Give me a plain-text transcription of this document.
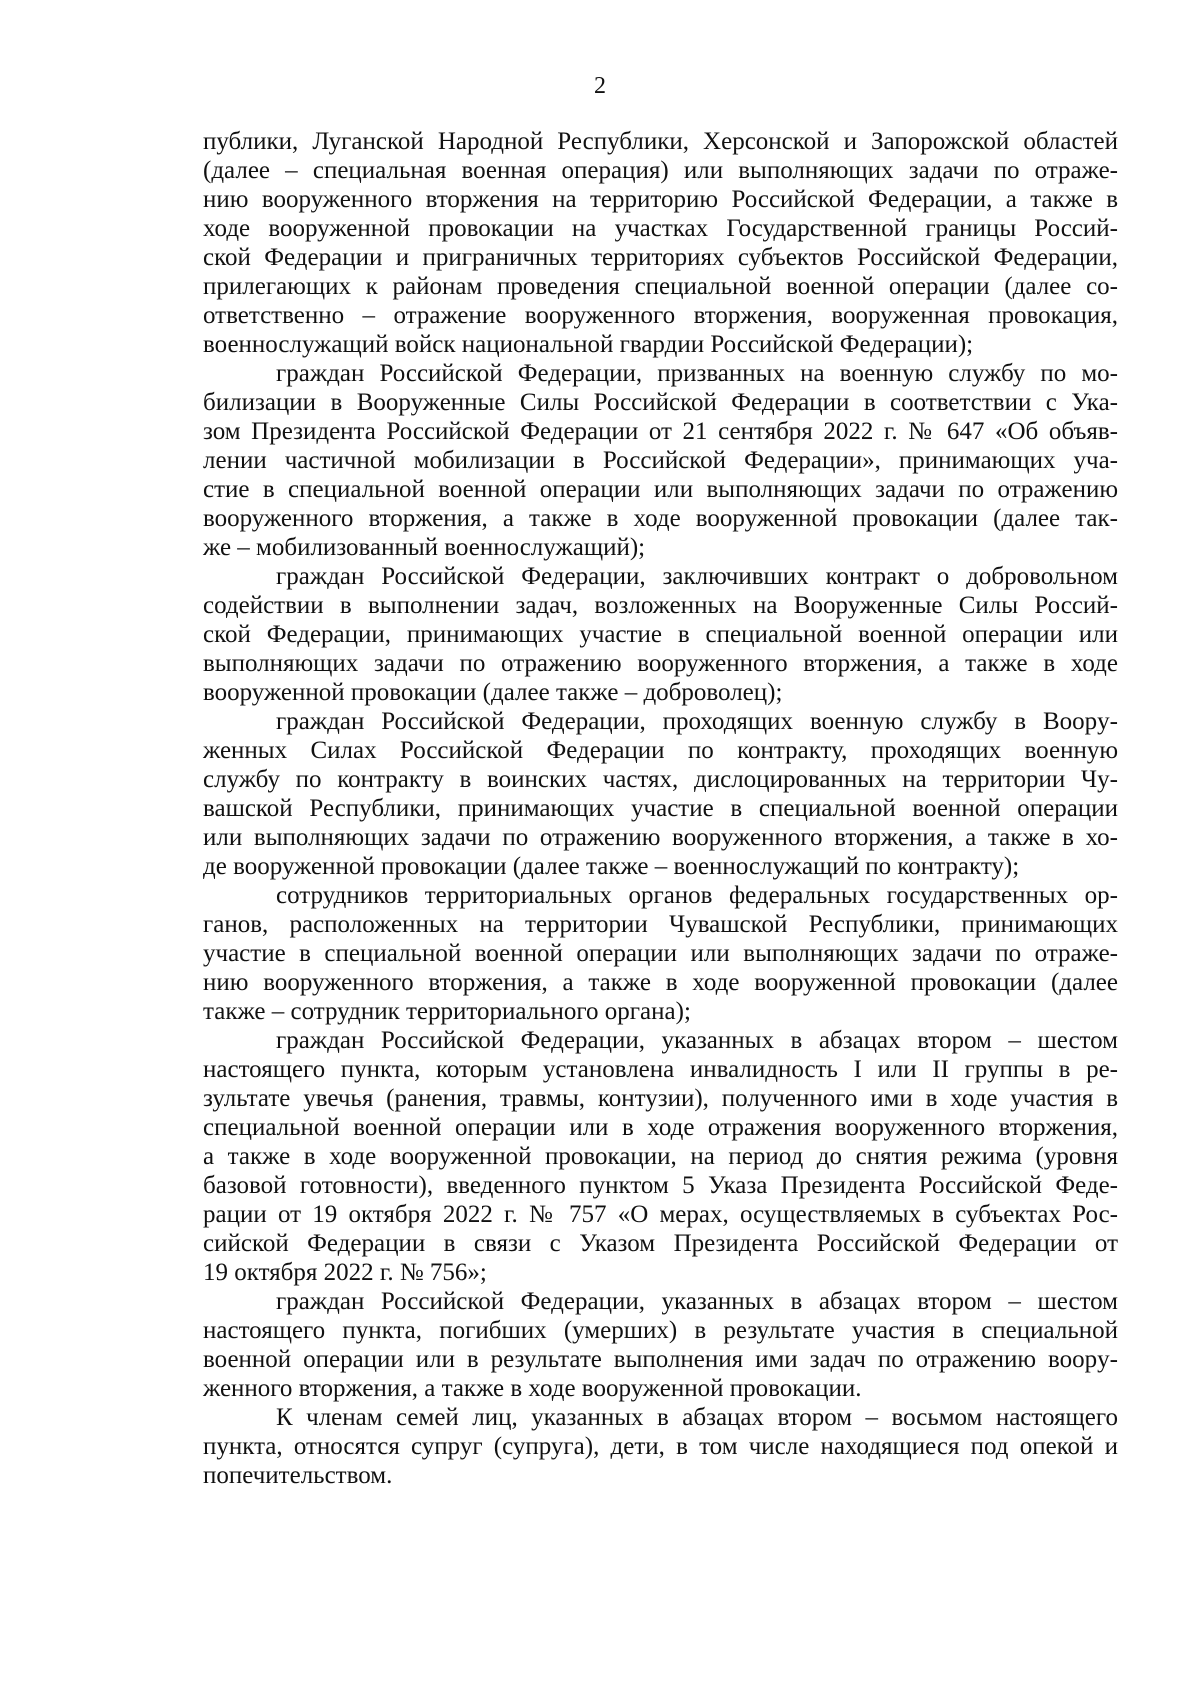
2
публики, Луганской Народной Республики, Херсонской и Запорожской областей
(далее – специальная военная операция) или выполняющих задачи по отраже-
нию вооруженного вторжения на территорию Российской Федерации, а также в
ходе вооруженной провокации на участках Государственной границы Россий-
ской Федерации и приграничных территориях субъектов Российской Федерации,
прилегающих к районам проведения специальной военной операции (далее со-
ответственно – отражение вооруженного вторжения, вооруженная провокация,
военнослужащий войск национальной гвардии Российской Федерации);
граждан Российской Федерации, призванных на военную службу по мо-
билизации в Вооруженные Силы Российской Федерации в соответствии с Ука-
зом Президента Российской Федерации от 21 сентября 2022 г. № 647 «Об объяв-
лении частичной мобилизации в Российской Федерации», принимающих уча-
стие в специальной военной операции или выполняющих задачи по отражению
вооруженного вторжения, а также в ходе вооруженной провокации (далее так-
же – мобилизованный военнослужащий);
граждан Российской Федерации, заключивших контракт о добровольном
содействии в выполнении задач, возложенных на Вооруженные Силы Россий-
ской Федерации, принимающих участие в специальной военной операции или
выполняющих задачи по отражению вооруженного вторжения, а также в ходе
вооруженной провокации (далее также – доброволец);
граждан Российской Федерации, проходящих военную службу в Вооpу-
женных Силах Российской Федерации по контракту, проходящих военную
службу по контракту в воинских частях, дислоцированных на территории Чу-
вашской Республики, принимающих участие в специальной военной операции
или выполняющих задачи по отражению вооруженного вторжения, а также в хо-
де вооруженной провокации (далее также – военнослужащий по контракту);
сотрудников территориальных органов федеральных государственных ор-
ганов, расположенных на территории Чувашской Республики, принимающих
участие в специальной военной операции или выполняющих задачи по отраже-
нию вооруженного вторжения, а также в ходе вооруженной провокации (далее
также – сотрудник территориального органа);
граждан Российской Федерации, указанных в абзацах втором – шестом
настоящего пункта, которым установлена инвалидность I или II группы в ре-
зультате увечья (ранения, травмы, контузии), полученного ими в ходе участия в
специальной военной операции или в ходе отражения вооруженного вторжения,
а также в ходе вооруженной провокации, на период до снятия режима (уровня
базовой готовности), введенного пунктом 5 Указа Президента Российской Феде-
рации от 19 октября 2022 г. № 757 «О мерах, осуществляемых в субъектах Рос-
сийской Федерации в связи с Указом Президента Российской Федерации от
19 октября 2022 г. № 756»;
граждан Российской Федерации, указанных в абзацах втором – шестом
настоящего пункта, погибших (умерших) в результате участия в специальной
военной операции или в результате выполнения ими задач по отражению вооpу-
женного вторжения, а также в ходе вооруженной провокации.
К членам семей лиц, указанных в абзацах втором – восьмом настоящего
пункта, относятся супруг (супруга), дети, в том числе находящиеся под опекой и
попечительством.
